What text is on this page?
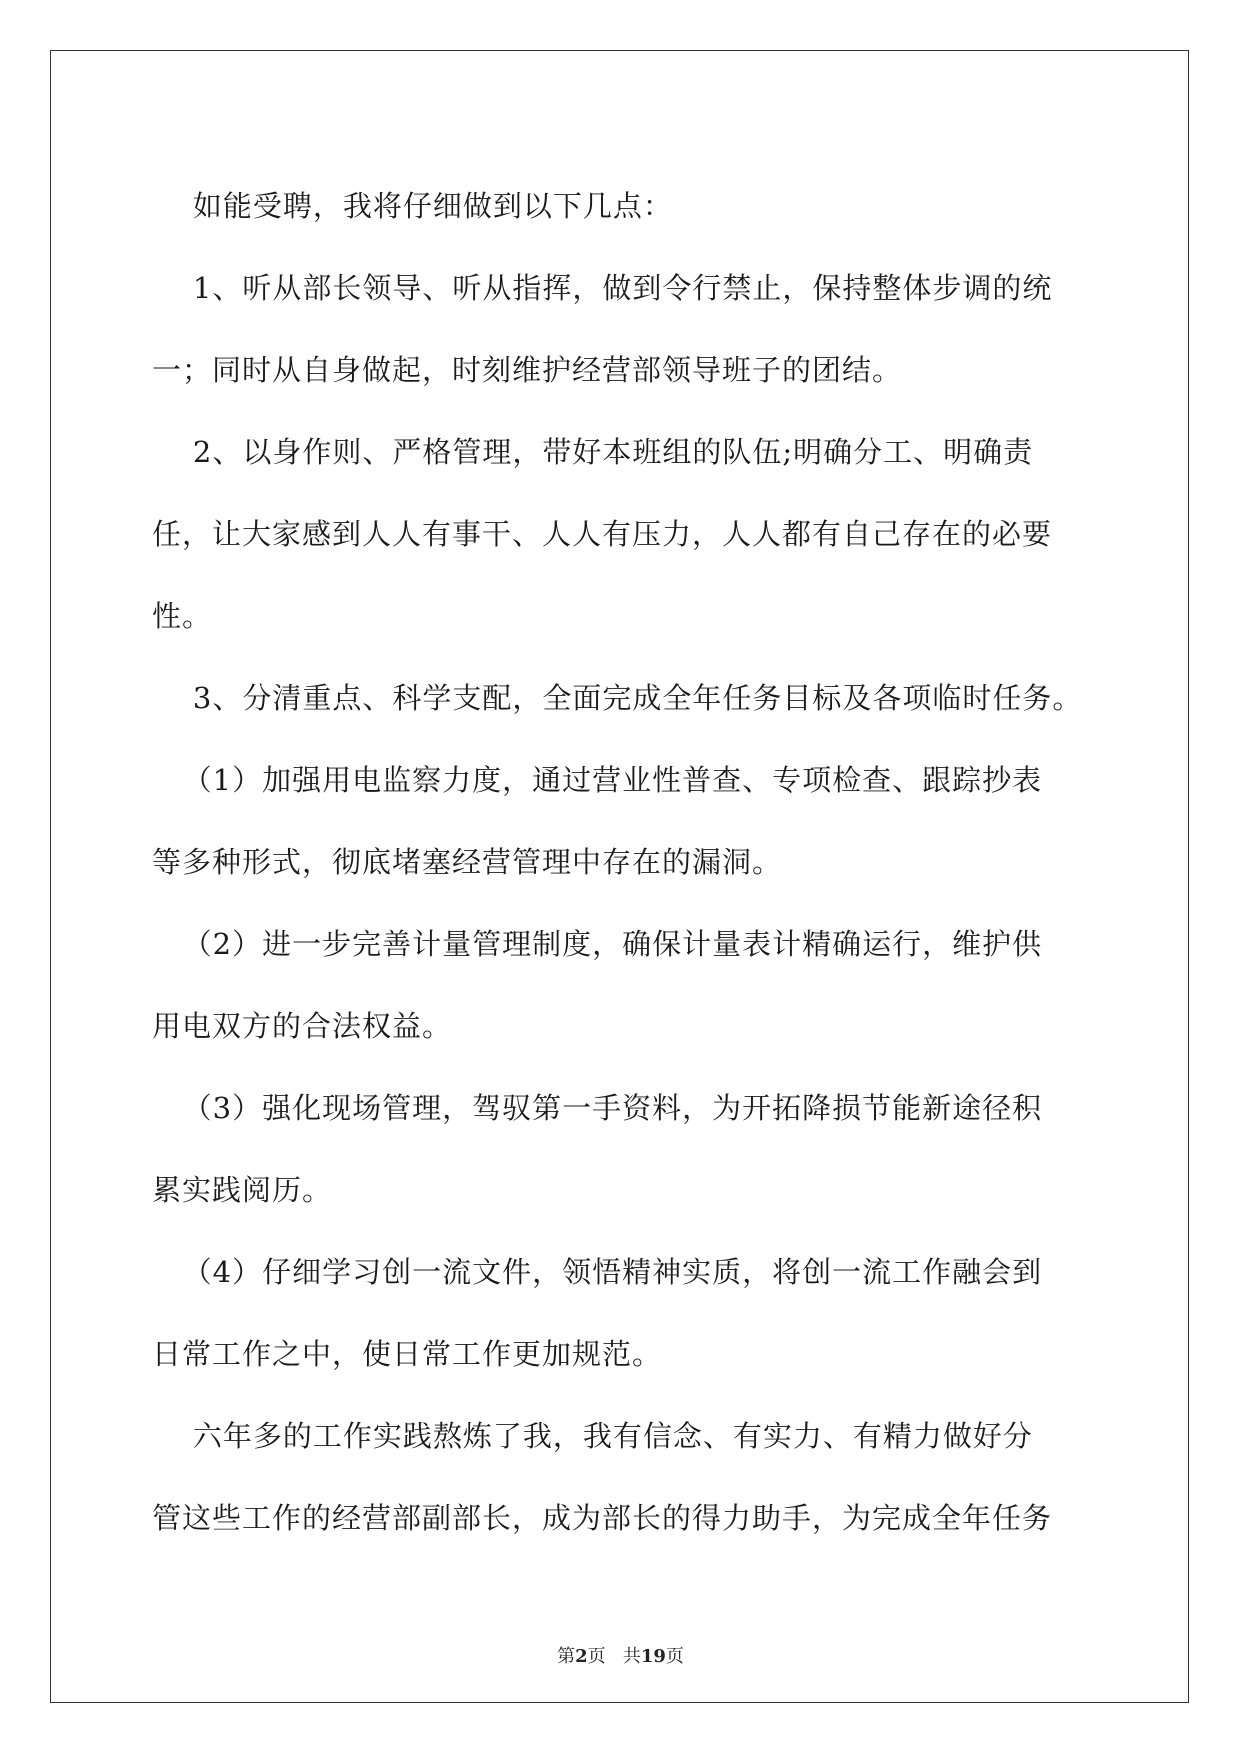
如能受聘，我将仔细做到以下几点：

1、听从部长领导、听从指挥，做到令行禁止，保持整体步调的统

一；同时从自身做起，时刻维护经营部领导班子的团结。

2、以身作则、严格管理，带好本班组的队伍;明确分工、明确责

任，让大家感到人人有事干、人人有压力，人人都有自己存在的必要

性。

3、分清重点、科学支配，全面完成全年任务目标及各项临时任务。

（1）加强用电监察力度，通过营业性普查、专项检查、跟踪抄表

等多种形式，彻底堵塞经营管理中存在的漏洞。

（2）进一步完善计量管理制度，确保计量表计精确运行，维护供

用电双方的合法权益。

（3）强化现场管理，驾驭第一手资料，为开拓降损节能新途径积

累实践阅历。

（4）仔细学习创一流文件，领悟精神实质，将创一流工作融会到

日常工作之中，使日常工作更加规范。

六年多的工作实践熬炼了我，我有信念、有实力、有精力做好分

管这些工作的经营部副部长，成为部长的得力助手，为完成全年任务

第2页 共19页
